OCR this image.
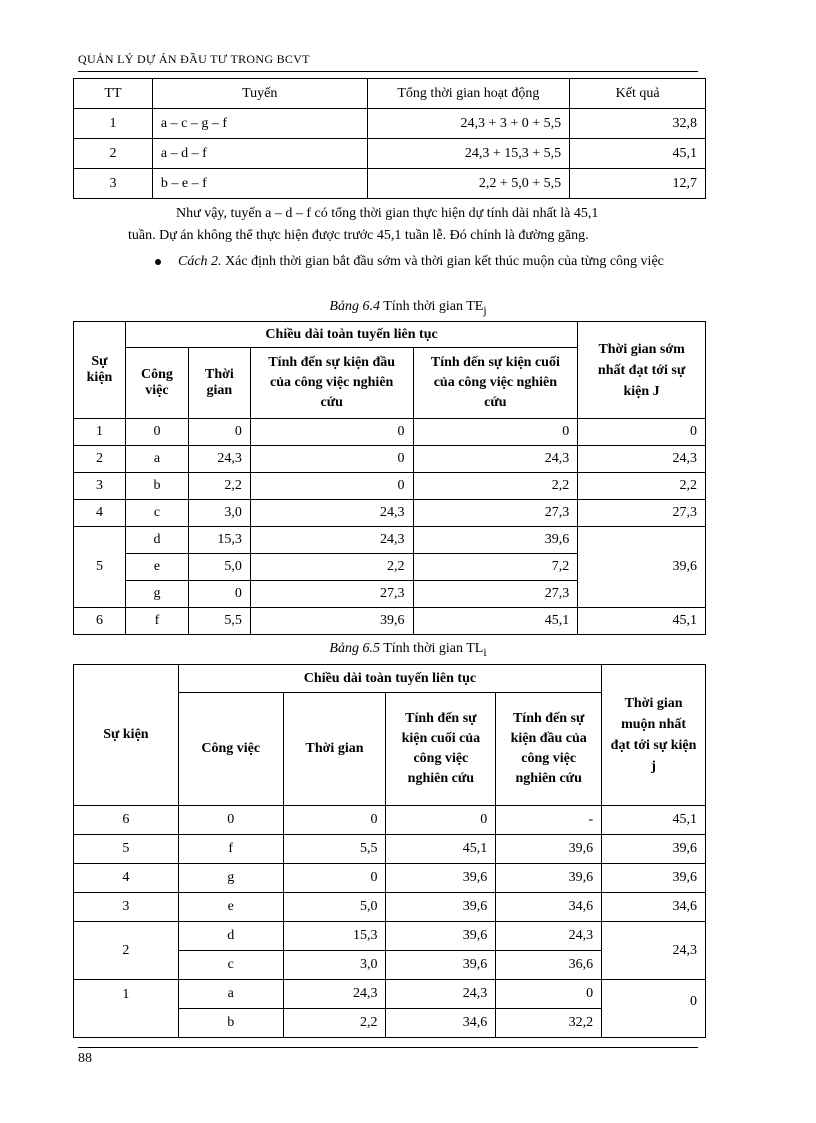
QUẢN LÝ DỰ ÁN ĐẦU TƯ TRONG BCVT
TT	Tuyến	Tổng thời gian hoạt động	Kết quả
1	a – c – g – f	24,3 + 3 + 0 + 5,5	32,8
2	a – d – f	24,3 + 15,3 + 5,5	45,1
3	b – e – f	2,2 + 5,0 + 5,5	12,7
Như vậy, tuyến a – d – f có tổng thời gian thực hiện dự tính dài nhất là 45,1
tuần. Dự án không thể thực hiện được trước 45,1 tuần lễ. Đó chính là đường găng.
Cách 2. Xác định thời gian bắt đầu sớm và thời gian kết thúc muộn của từng công việc
Bảng 6.4 Tính thời gian $TE_j$
Sự kiện	Chiều dài toàn tuyến liên tục				Thời gian sớm nhất đạt tới sự kiện J
	Công việc	Thời gian	Tính đến sự kiện đầu của công việc nghiên cứu	Tính đến sự kiện cuối của công việc nghiên cứu	
1	0	0	0	0	0
2	a	24,3	0	24,3	24,3
3	b	2,2	0	2,2	2,2
4	c	3,0	24,3	27,3	27,3
5	d	15,3	24,3	39,6	39,6
	e	5,0	2,2	7,2	
	g	0	27,3	27,3	
6	f	5,5	39,6	45,1	45,1
Bảng 6.5 Tính thời gian $TL_i$
Sự kiện	Chiều dài toàn tuyến liên tục				Thời gian muộn nhất đạt tới sự kiện j
	Công việc	Thời gian	Tính đến sự kiện cuối của công việc nghiên cứu	Tính đến sự kiện đầu của công việc nghiên cứu	
6	0	0	0	-	45,1
5	f	5,5	45,1	39,6	39,6
4	g	0	39,6	39,6	39,6
3	e	5,0	39,6	34,6	34,6
2	d	15,3	39,6	24,3	24,3
	c	3,0	39,6	36,6	
1	a	24,3	24,3	0	0
	b	2,2	34,6	32,2	
88
